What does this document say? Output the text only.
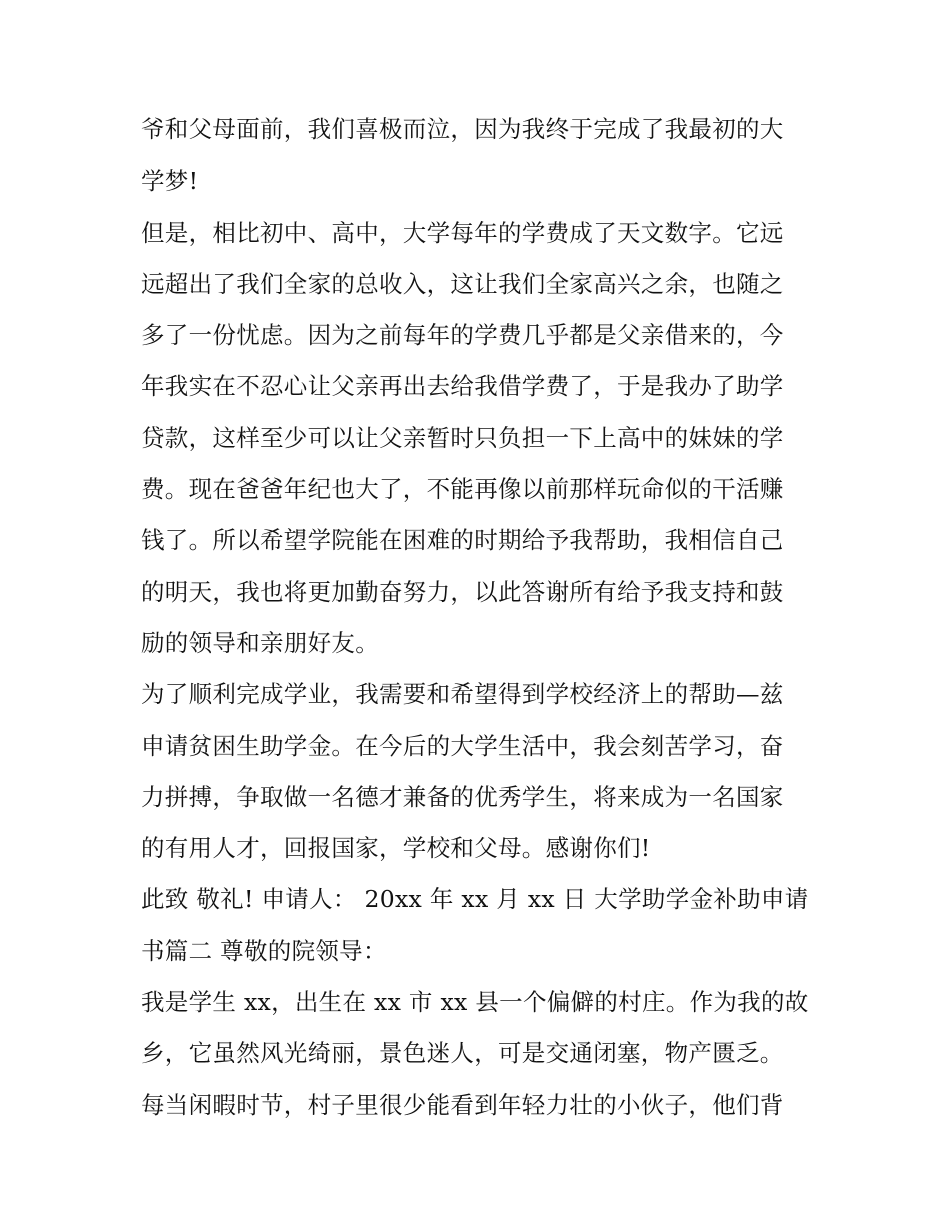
爷和父母面前，我们喜极而泣，因为我终于完成了我最初的大
学梦!
但是，相比初中、高中，大学每年的学费成了天文数字。它远
远超出了我们全家的总收入，这让我们全家高兴之余，也随之
多了一份忧虑。因为之前每年的学费几乎都是父亲借来的，今
年我实在不忍心让父亲再出去给我借学费了，于是我办了助学
贷款，这样至少可以让父亲暂时只负担一下上高中的妹妹的学
费。现在爸爸年纪也大了，不能再像以前那样玩命似的干活赚
钱了。所以希望学院能在困难的时期给予我帮助，我相信自己
的明天，我也将更加勤奋努力，以此答谢所有给予我支持和鼓
励的领导和亲朋好友。
为了顺利完成学业，我需要和希望得到学校经济上的帮助—兹
申请贫困生助学金。在今后的大学生活中，我会刻苦学习，奋
力拼搏，争取做一名德才兼备的优秀学生，将来成为一名国家
的有用人才，回报国家，学校和父母。感谢你们!
此致 敬礼! 申请人： 20xx 年 xx 月 xx 日 大学助学金补助申请
书篇二 尊敬的院领导：
我是学生 xx，出生在 xx 市 xx 县一个偏僻的村庄。作为我的故
乡，它虽然风光绮丽，景色迷人，可是交通闭塞，物产匮乏。
每当闲暇时节，村子里很少能看到年轻力壮的小伙子，他们背
